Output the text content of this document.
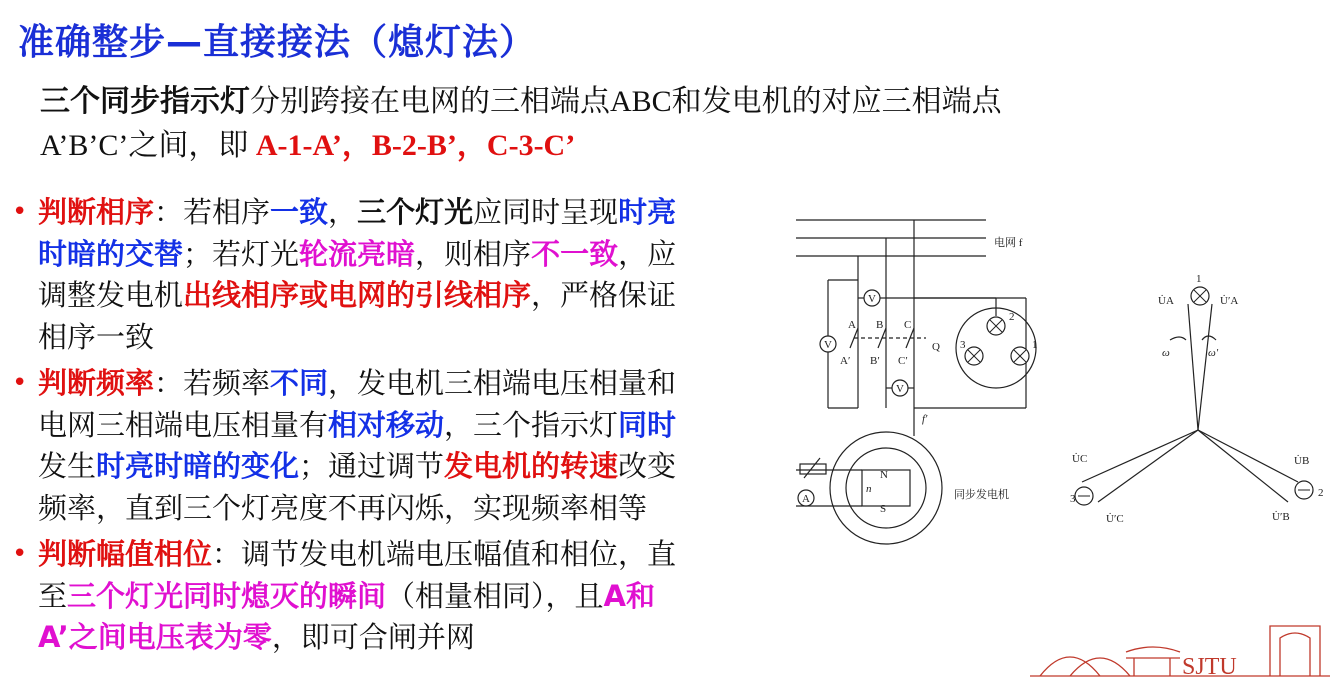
准确整步—直接接法（熄灯法）
三个同步指示灯分别跨接在电网的三相端点ABC和发电机的对应三相端点
A’B’C’之间，即 A-1-A’，B-2-B’，C-3-C’
• 判断相序：若相序一致，三个灯光应同时呈现时亮
时暗的交替；若灯光轮流亮暗，则相序不一致，应
调整发电机出线相序或电网的引线相序，严格保证
相序一致
• 判断频率：若频率不同，发电机三相端电压相量和
电网三相端电压相量有相对移动，三个指示灯同时
发生时亮时暗的变化；通过调节发电机的转速改变
频率，直到三个灯亮度不再闪烁，实现频率相等
• 判断幅值相位：调节发电机端电压幅值和相位，直
至三个灯光同时熄灭的瞬间（相量相同），且A和
A’之间电压表为零，即可合闸并网
电网 f
V
V
V
A
A B C
A′ B′ C′
Q
f′
N
S
n	同步发电机
2
3	1
1
3	2
U̇A	U̇′A
U̇C
U̇′C
U̇B
U̇′B
ω	ω′
SJTU
